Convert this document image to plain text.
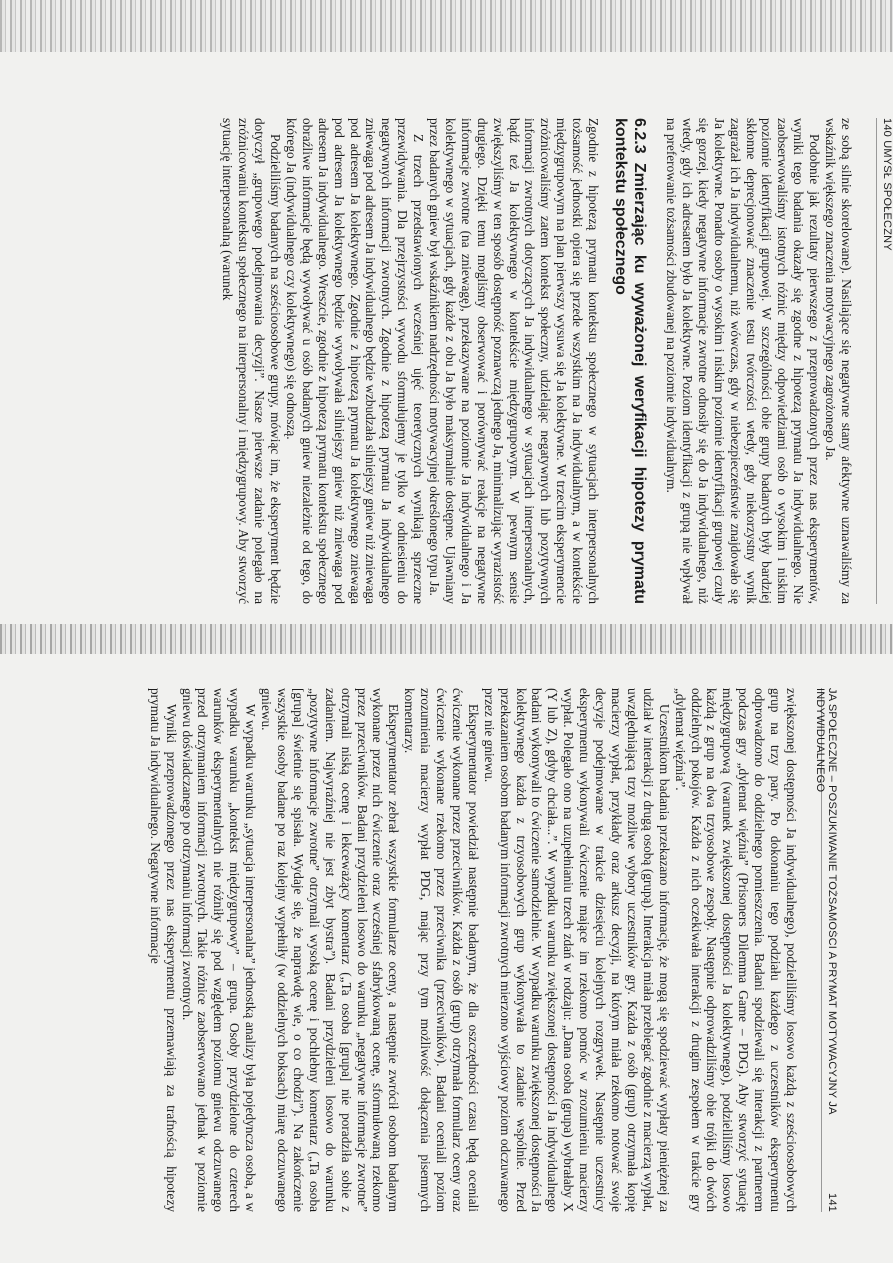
140 UMYSŁ SPOŁECZNY

ze sobą silnie skorelowane). Nasilające się negatywne stany afektywne uznawaliśmy za wskaźnik większego znaczenia motywacyjnego zagrożonego Ja.

Podobnie jak rezultaty pierwszego z przeprowadzonych przez nas eksperymentów, wyniki tego badania okazały się zgodne z hipotezą prymatu Ja indywidualnego. Nie zaobserwowaliśmy istotnych różnic między odpowiedziami osób o wysokim i niskim poziomie identyfikacji grupowej. W szczególności obie grupy badanych były bardziej skłonne deprecjonować znaczenie testu twórczości wtedy, gdy niekorzystny wynik zagrażał ich Ja indywidualnemu, niż wówczas, gdy w niebezpieczeństwie znajdowało się Ja kolektywne. Ponadto osoby o wysokim i niskim poziomie identyfikacji grupowej czuły się gorzej, kiedy negatywne informacje zwrotne odnosiły się do Ja indywidualnego, niż wtedy, gdy ich adresatem było Ja kolektywne. Poziom identyfikacji z grupą nie wpływał na preferowanie tożsamości zbudowanej na poziomie indywidualnym.

6.2.3 Zmierzając ku wyważonej weryfikacji hipotezy prymatu kontekstu społecznego

Zgodnie z hipotezą prymatu kontekstu społecznego w sytuacjach interpersonalnych tożsamość jednostki opiera się przede wszystkim na Ja indywidualnym, a w kontekście międzygrupowym na plan pierwszy wysuwa się Ja kolektywne. W trzecim eksperymencie zróżnicowaliśmy zatem kontekst społeczny, udzielając negatywnych lub pozytywnych informacji zwrotnych dotyczących Ja indywidualnego w sytuacjach interpersonalnych, bądź też Ja kolektywnego w kontekście międzygrupowym. W pewnym sensie zwiększyliśmy w ten sposób dostępność poznawczą jednego Ja, minimalizując wyrazistość drugiego. Dzięki temu mogliśmy obserwować i porównywać reakcje na negatywne informacje zwrotne (na zniewagę), przekazywane na poziomie Ja indywidualnego i Ja kolektywnego w sytuacjach, gdy każde z obu Ja było maksymalnie dostępne. Ujawniany przez badanych gniew był wskaźnikiem nadrzędności motywacyjnej określonego typu Ja.

Z trzech przedstawionych wcześniej ujęć teoretycznych wynikają sprzeczne przewidywania. Dla przejrzystości wywodu sformułujemy je tylko w odniesieniu do negatywnych informacji zwrotnych. Zgodnie z hipotezą prymatu Ja indywidualnego zniewaga pod adresem Ja indywidualnego będzie wzbudzała silniejszy gniew niż zniewaga pod adresem Ja kolektywnego. Zgodnie z hipotezą prymatu Ja kolektywnego zniewaga pod adresem Ja kolektywnego będzie wywoływała silniejszy gniew niż zniewaga pod adresem Ja indywidualnego. Wreszcie, zgodnie z hipotezą prymatu kontekstu społecznego obraźliwe informacje będą wywoływać u osób badanych gniew niezależnie od tego, do którego Ja (indywidualnego czy kolektywnego) się odnoszą.

Podzieliliśmy badanych na sześcioosobowe grupy, mówiąc im, że eksperyment będzie dotyczył „grupowego podejmowania decyzji”. Nasze pierwsze zadanie polegało na zróżnicowaniu kontekstu społecznego na interpersonalny i międzygrupowy. Aby stworzyć sytuację interpersonalną (warunek

JA SPOŁECZNE – POSZUKIWANIE TOŻSAMOŚCI A PRYMAT MOTYWACYJNY JA INDYWIDUALNEGO
141

zwiększonej dostępności Ja indywidualnego), podzieliliśmy losowo każdą z sześcioosobowych grup na trzy pary. Po dokonaniu tego podziału każdego z uczestników eksperymentu odprowadzono do oddzielnego pomieszczenia. Badani spodziewali się interakcji z partnerem podczas gry „dylemat więźnia” (Prisoners Dilemma Game – PDG). Aby stworzyć sytuację międzygrupową (warunek zwiększonej dostępności Ja kolektywnego), podzieliliśmy losowo każdą z grup na dwa trzyosobowe zespoły. Następnie odprowadziliśmy obie trójki do dwóch oddzielnych pokojów. Każda z nich oczekiwała interakcji z drugim zespołem w trakcie gry „dylemat więźnia”.

Uczestnikom badania przekazano informację, że mogą się spodziewać wypłaty pieniężnej za udział w interakcji z drugą osobą (grupą). Interakcja miała przebiegać zgodnie z macierzą wypłat, uwzględniającą trzy możliwe wybory uczestników gry. Każda z osób (grup) otrzymała kopię macierzy wypłat, przykłady oraz arkusz decyzji, na którym miała rzekomo notować swoje decyzje podejmowane w trakcie dziesięciu kolejnych rozgrywek. Następnie uczestnicy eksperymentu wykonywali ćwiczenie mające im rzekomo pomóc w zrozumieniu macierzy wypłat. Polegało ono na uzupełnianiu trzech zdań w rodzaju: „Dana osoba (grupa) wybrałaby X (Y lub Z), gdyby chciała...”. W wypadku warunku zwiększonej dostępności Ja indywidualnego badani wykonywali to ćwiczenie samodzielnie. W wypadku warunku zwiększonej dostępności Ja kolektywnego każda z trzyosobowych grup wykonywała to zadanie wspólnie. Przed przekazaniem osobom badanym informacji zwrotnych mierzono wyjściowy poziom odczuwanego przez nie gniewu.

Eksperymentator powiedział następnie badanym, że dla oszczędności czasu będą oceniali ćwiczenie wykonane przez przeciwników. Każda z osób (grup) otrzymała formularz oceny oraz ćwiczenie wykonane rzekomo przez przeciwnika (przeciwników). Badani oceniali poziom zrozumienia macierzy wypłat PDG, mając przy tym możliwość dołączenia pisemnych komentarzy.

Eksperymentator zebrał wszystkie formularze oceny, a następnie zwrócił osobom badanym wykonane przez nich ćwiczenie oraz wcześniej sfabrykowaną ocenę, sformułowaną rzekomo przez przeciwników. Badani przydzieleni losowo do warunku „negatywne informacje zwrotne” otrzymali niską ocenę i lekceważący komentarz („Ta osoba [grupa] nie poradziła sobie z zadaniem. Najwyraźniej nie jest zbyt bystra”). Badani przydzieleni losowo do warunku „pozytywne informacje zwrotne” otrzymali wysoką ocenę i pochlebny komentarz („Ta osoba [grupa] świetnie się spisała. Wydaje się, że naprawdę wie, o co chodzi”). Na zakończenie wszystkie osoby badane po raz kolejny wypełniły (w oddzielnych boksach) miarę odczuwanego gniewu.

W wypadku warunku „sytuacja interpersonalna” jednostką analizy była pojedyncza osoba, a w wypadku warunku „kontekst międzygrupowy” – grupa. Osoby przydzielone do czterech warunków eksperymentalnych nie różniły się pod względem poziomu gniewu odczuwanego przed otrzymaniem informacji zwrotnych. Takie różnice zaobserwowano jednak w poziomie gniewu doświadczanego po otrzymaniu informacji zwrotnych.

Wyniki przeprowadzonego przez nas eksperymentu przemawiają za trafnością hipotezy prymatu Ja indywidualnego. Negatywne informacje
